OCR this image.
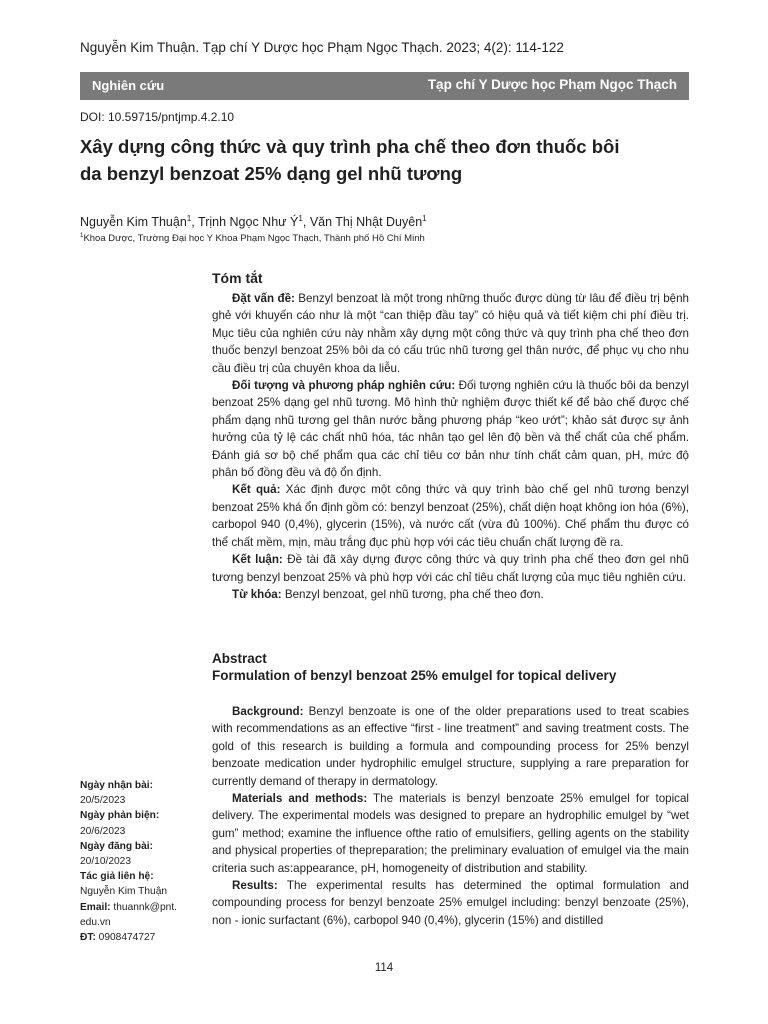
Nguyễn Kim Thuận. Tạp chí Y Dược học Phạm Ngọc Thạch. 2023; 4(2): 114-122
Nghiên cứu	Tạp chí Y Dược học Phạm Ngọc Thạch
DOI: 10.59715/pntjmp.4.2.10
Xây dựng công thức và quy trình pha chế theo đơn thuốc bôi
da benzyl benzoat 25% dạng gel nhũ tương
Nguyễn Kim Thuận$^1$, Trịnh Ngọc Như $Ý^1$, Văn Thị Nhật Duyên$^1$
$^1$Khoa Dược, Trường Đại học Y Khoa Phạm Ngọc Thạch, Thành phố Hồ Chí Minh
Tóm tắt

Đặt vấn đề: Benzyl benzoat là một trong những thuốc được dùng từ lâu để điều trị bệnh ghẻ với khuyến cáo như là một “can thiệp đầu tay” có hiệu quả và tiết kiệm chi phí điều trị. Mục tiêu của nghiên cứu này nhằm xây dựng một công thức và quy trình pha chế theo đơn thuốc benzyl benzoat 25% bôi da có cấu trúc nhũ tương gel thân nước, để phục vụ cho nhu cầu điều trị của chuyên khoa da liễu.

Đối tượng và phương pháp nghiên cứu: Đối tượng nghiên cứu là thuốc bôi da benzyl benzoat 25% dạng gel nhũ tương. Mô hình thử nghiệm được thiết kế để bào chế được chế phẩm dạng nhũ tương gel thân nước bằng phương pháp “keo ướt”; khảo sát được sự ảnh hưởng của tỷ lệ các chất nhũ hóa, tác nhân tạo gel lên độ bền và thể chất của chế phẩm. Đánh giá sơ bộ chế phẩm qua các chỉ tiêu cơ bản như tính chất cảm quan, pH, mức độ phân bố đồng đều và độ ổn định.

Kết quả: Xác định được một công thức và quy trình bào chế gel nhũ tương benzyl benzoat 25% khá ổn định gồm có: benzyl benzoat (25%), chất diện hoạt không ion hóa (6%), carbopol 940 (0,4%), glycerin (15%), và nước cất (vừa đủ 100%). Chế phẩm thu được có thể chất mềm, mịn, màu trắng đục phù hợp với các tiêu chuẩn chất lượng đề ra.

Kết luận: Đề tài đã xây dựng được công thức và quy trình pha chế theo đơn gel nhũ tương benzyl benzoat 25% và phù hợp với các chỉ tiêu chất lượng của mục tiêu nghiên cứu.

Từ khóa: Benzyl benzoat, gel nhũ tương, pha chế theo đơn.

Abstract
Formulation of benzyl benzoat 25% emulgel for topical delivery

Background: Benzyl benzoate is one of the older preparations used to treat scabies with recommendations as an effective “first - line treatment” and saving treatment costs. The gold of this research is building a formula and compounding process for 25% benzyl benzoate medication under hydrophilic emulgel structure, supplying a rare preparation for currently demand of therapy in dermatology.

Materials and methods: The materials is benzyl benzoate 25% emulgel for topical delivery. The experimental models was designed to prepare an hydrophilic emulgel by “wet gum” method; examine the influence ofthe ratio of emulsifiers, gelling agents on the stability and physical properties of thepreparation; the preliminary evaluation of emulgel via the main criteria such as:appearance, pH, homogeneity of distribution and stability.

Results: The experimental results has determined the optimal formulation and compounding process for benzyl benzoate 25% emulgel including: benzyl benzoate (25%), non - ionic surfactant (6%), carbopol 940 (0,4%), glycerin (15%) and distilled

Ngày nhận bài:
20/5/2023
Ngày phản biện:
20/6/2023
Ngày đăng bài:
20/10/2023
Tác giả liên hệ:
Nguyễn Kim Thuận
Email: thuannk@pnt.
edu.vn
ĐT: 0908474727
114
